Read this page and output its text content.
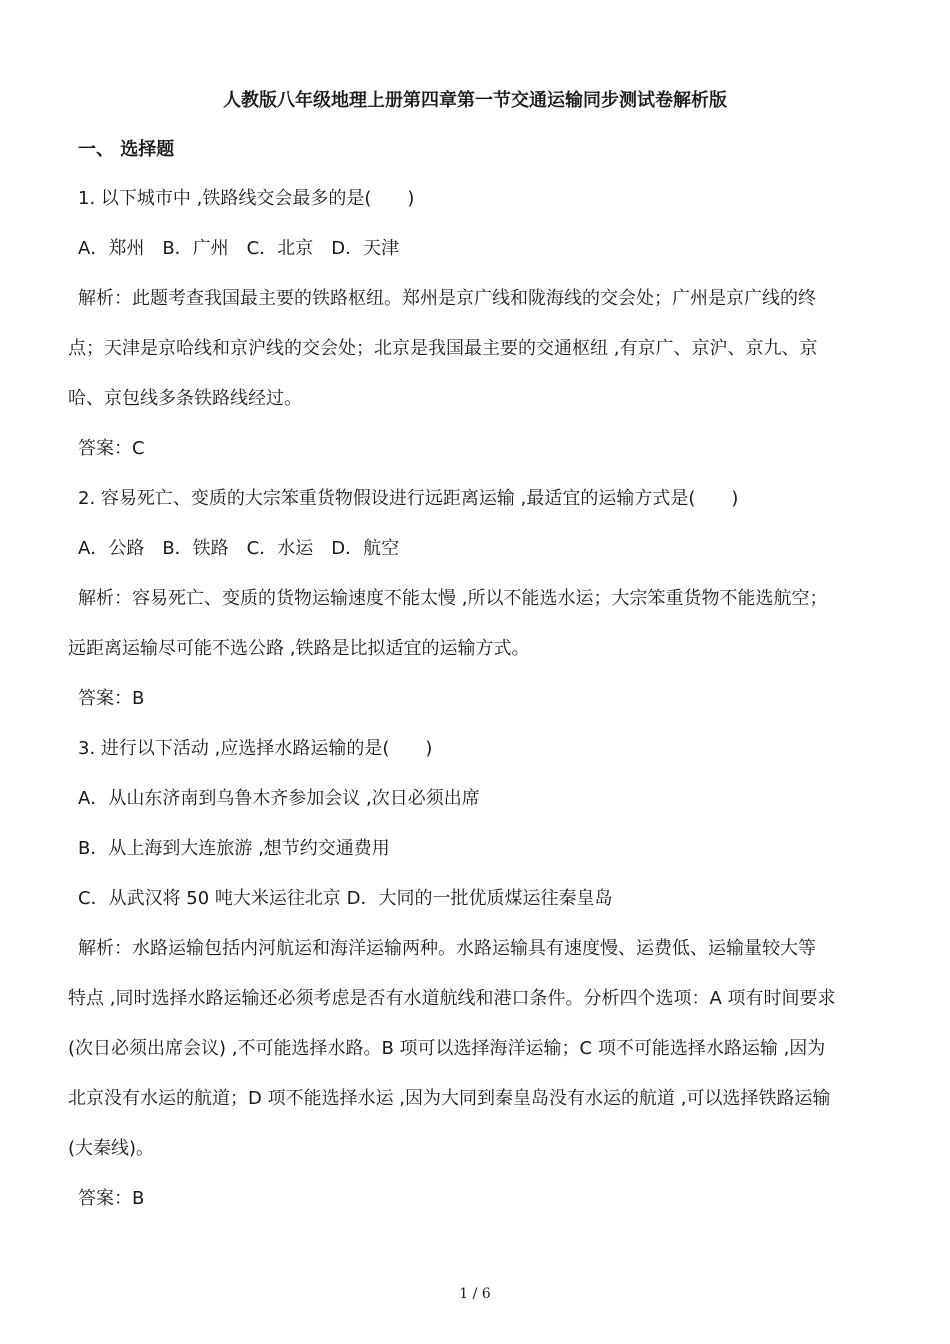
人教版八年级地理上册第四章第一节交通运输同步测试卷解析版
一、 选择题
1. 以下城市中 ,铁路线交会最多的是(　　)
A．郑州　B．广州　C．北京　D．天津
解析：此题考查我国最主要的铁路枢纽。郑州是京广线和陇海线的交会处；广州是京广线的终
点；天津是京哈线和京沪线的交会处；北京是我国最主要的交通枢纽 ,有京广、京沪、京九、京
哈、京包线多条铁路线经过。
答案：C
2. 容易死亡、变质的大宗笨重货物假设进行远距离运输 ,最适宜的运输方式是(　　)
A．公路　B．铁路　C．水运　D．航空
解析：容易死亡、变质的货物运输速度不能太慢 ,所以不能选水运；大宗笨重货物不能选航空；
远距离运输尽可能不选公路 ,铁路是比拟适宜的运输方式。
答案：B
3. 进行以下活动 ,应选择水路运输的是(　　)
A．从山东济南到乌鲁木齐参加会议 ,次日必须出席
B．从上海到大连旅游 ,想节约交通费用
C．从武汉将 50 吨大米运往北京 D．大同的一批优质煤运往秦皇岛
解析：水路运输包括内河航运和海洋运输两种。水路运输具有速度慢、运费低、运输量较大等
特点 ,同时选择水路运输还必须考虑是否有水道航线和港口条件。分析四个选项：A 项有时间要求
(次日必须出席会议) ,不可能选择水路。B 项可以选择海洋运输；C 项不可能选择水路运输 ,因为
北京没有水运的航道；D 项不能选择水运 ,因为大同到秦皇岛没有水运的航道 ,可以选择铁路运输
(大秦线)。
答案：B
1 / 6
